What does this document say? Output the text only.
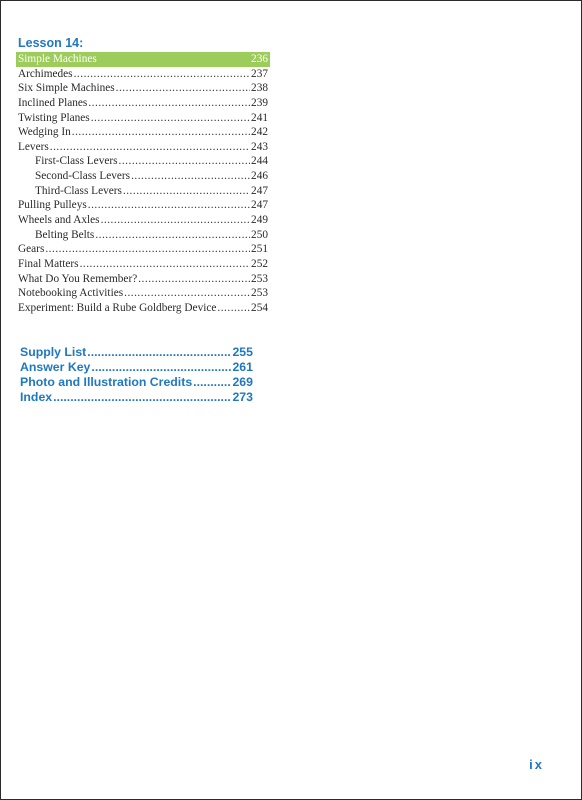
Lesson 14:
Simple Machines	236
Archimedes .....	237
Six Simple Machines .....	238
Inclined Planes .....	239
Twisting Planes .....	241
Wedging In .....	242
Levers .....	243
First-Class Levers .....	244
Second-Class Levers .....	246
Third-Class Levers .....	247
Pulling Pulleys .....	247
Wheels and Axles .....	249
Belting Belts .....	250
Gears .....	251
Final Matters .....	252
What Do You Remember? .....	253
Notebooking Activities .....	253
Experiment: Build a Rube Goldberg Device .....	254
Supply List .....	255
Answer Key .....	261
Photo and Illustration Credits .....	269
Index .....	273
ix
